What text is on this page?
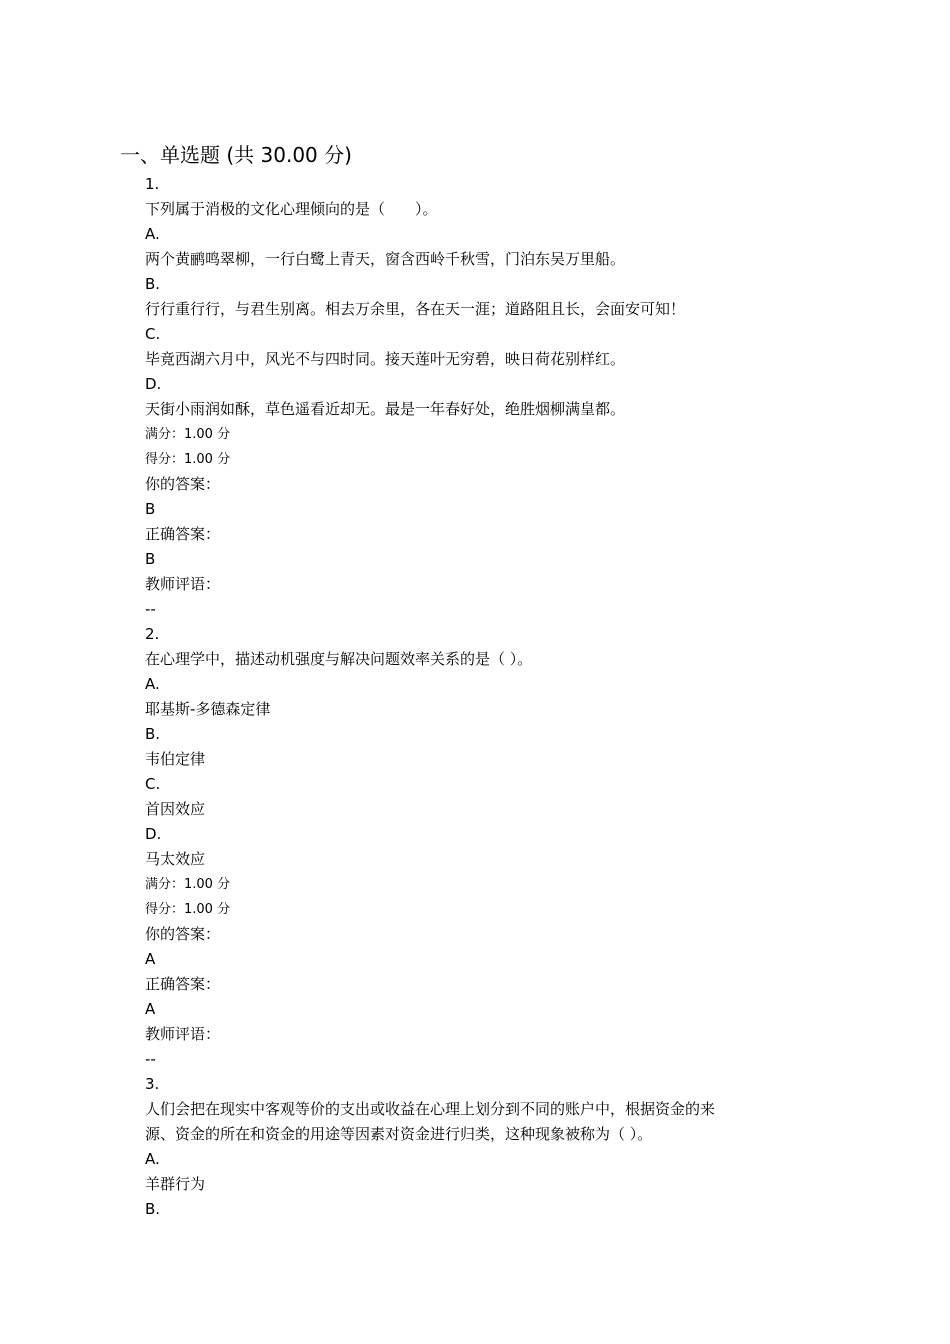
一、单选题 (共 30.00 分)
1.
下列属于消极的文化心理倾向的是（　　）。
A.
两个黄鹂鸣翠柳，一行白鹭上青天，窗含西岭千秋雪，门泊东吴万里船。
B.
行行重行行，与君生别离。相去万余里，各在天一涯；道路阻且长，会面安可知！
C.
毕竟西湖六月中，风光不与四时同。接天莲叶无穷碧，映日荷花别样红。
D.
天街小雨润如酥，草色遥看近却无。最是一年春好处，绝胜烟柳满皇都。
满分：1.00 分
得分：1.00 分
你的答案：
B
正确答案：
B
教师评语：
--
2.
在心理学中，描述动机强度与解决问题效率关系的是（ ）。
A.
耶基斯-多德森定律
B.
韦伯定律
C.
首因效应
D.
马太效应
满分：1.00 分
得分：1.00 分
你的答案：
A
正确答案：
A
教师评语：
--
3.
人们会把在现实中客观等价的支出或收益在心理上划分到不同的账户中，根据资金的来
源、资金的所在和资金的用途等因素对资金进行归类，这种现象被称为（ ）。
A.
羊群行为
B.
